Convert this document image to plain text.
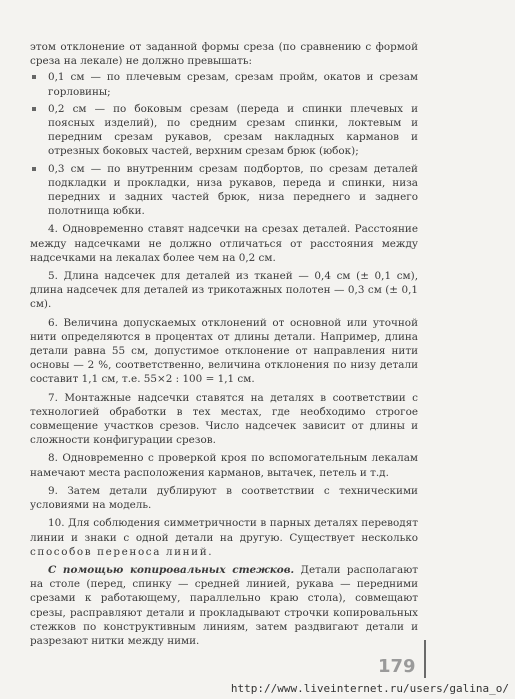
этом отклонение от заданной формы среза (по сравнению с формой среза на лекале) не должно превышать:

0,1 см — по плечевым срезам, срезам пройм, окатов и срезам горловины;
0,2 см — по боковым срезам (переда и спинки плечевых и поясных изделий), по средним срезам спинки, локтевым и передним срезам рукавов, срезам накладных карманов и отрезных боковых частей, верхним срезам брюк (юбок);
0,3 см — по внутренним срезам подбортов, по срезам деталей подкладки и прокладки, низа рукавов, переда и спинки, низа передних и задних частей брюк, низа переднего и заднего полотнища юбки.

4. Одновременно ставят надсечки на срезах деталей. Расстояние между надсечками не должно отличаться от расстояния между надсечками на лекалах более чем на 0,2 см.

5. Длина надсечек для деталей из тканей — 0,4 см (± 0,1 см), длина надсечек для деталей из трикотажных полотен — 0,3 см (± 0,1 см).

6. Величина допускаемых отклонений от основной или уточной нити определяются в процентах от длины детали. Например, длина детали равна 55 см, допустимое отклонение от направления нити основы — 2 %, соответственно, величина отклонения по низу детали составит 1,1 см, т.е. 55×2 : 100 = 1,1 см.

7. Монтажные надсечки ставятся на деталях в соответствии с технологией обработки в тех местах, где необходимо строгое совмещение участков срезов. Число надсечек зависит от длины и сложности конфигурации срезов.

8. Одновременно с проверкой кроя по вспомогательным лекалам намечают места расположения карманов, вытачек, петель и т.д.

9. Затем детали дублируют в соответствии с техническими условиями на модель.

10. Для соблюдения симметричности в парных деталях переводят линии и знаки с одной детали на другую. Существует несколько способов переноса линий.

С помощью копировальных стежков. Детали располагают на столе (перед, спинку — средней линией, рукава — передними срезами к работающему, параллельно краю стола), совмещают срезы, расправляют детали и прокладывают строчки копировальных стежков по конструктивным линиям, затем раздвигают детали и разрезают нитки между ними.

179
http://www.liveinternet.ru/users/galina_o/
